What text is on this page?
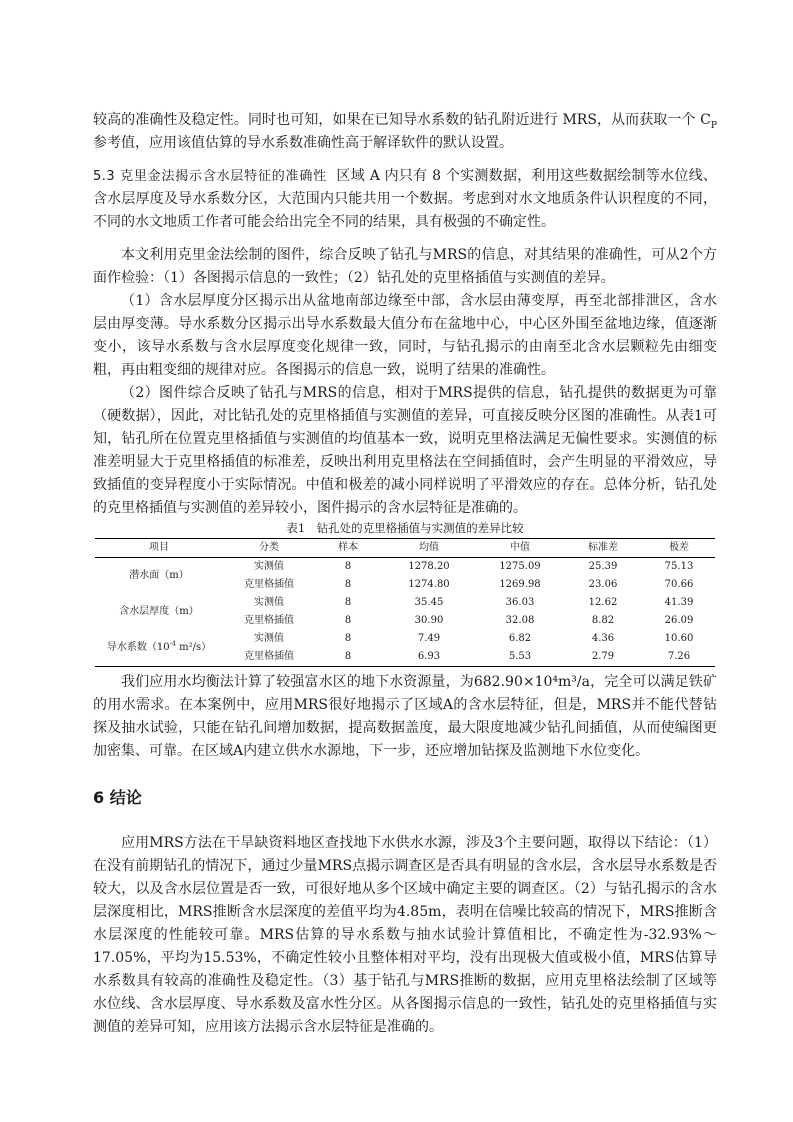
较高的准确性及稳定性。同时也可知，如果在已知导水系数的钻孔附近进行 MRS，从而获取一个 $C_P$参考值，应用该值估算的导水系数准确性高于解译软件的默认设置。

5.3 克里金法揭示含水层特征的准确性 区域 A 内只有 8 个实测数据，利用这些数据绘制等水位线、含水层厚度及导水系数分区，大范围内只能共用一个数据。考虑到对水文地质条件认识程度的不同，不同的水文地质工作者可能会给出完全不同的结果，具有极强的不确定性。

本文利用克里金法绘制的图件，综合反映了钻孔与MRS的信息，对其结果的准确性，可从2个方面作检验：（1）各图揭示信息的一致性；（2）钻孔处的克里格插值与实测值的差异。

（1）含水层厚度分区揭示出从盆地南部边缘至中部，含水层由薄变厚，再至北部排泄区，含水层由厚变薄。导水系数分区揭示出导水系数最大值分布在盆地中心，中心区外围至盆地边缘，值逐渐变小，该导水系数与含水层厚度变化规律一致，同时，与钻孔揭示的由南至北含水层颗粒先由细变粗，再由粗变细的规律对应。各图揭示的信息一致，说明了结果的准确性。

（2）图件综合反映了钻孔与MRS的信息，相对于MRS提供的信息，钻孔提供的数据更为可靠（硬数据），因此，对比钻孔处的克里格插值与实测值的差异，可直接反映分区图的准确性。从表1可知，钻孔所在位置克里格插值与实测值的均值基本一致，说明克里格法满足无偏性要求。实测值的标准差明显大于克里格插值的标准差，反映出利用克里格法在空间插值时，会产生明显的平滑效应，导致插值的变异程度小于实际情况。中值和极差的减小同样说明了平滑效应的存在。总体分析，钻孔处的克里格插值与实测值的差异较小，图件揭示的含水层特征是准确的。

表1　钻孔处的克里格插值与实测值的差异比较
项目	分类	样本	均值	中值	标准差	极差
潜水面（m）	实测值	8	1278.20	1275.09	25.39	75.13
	克里格插值	8	1274.80	1269.98	23.06	70.66
含水层厚度（m）	实测值	8	35.45	36.03	12.62	41.39
	克里格插值	8	30.90	32.08	8.82	26.09
导水系数（$10^{-4}$ m²/s）	实测值	8	7.49	6.82	4.36	10.60
	克里格插值	8	6.93	5.53	2.79	7.26

我们应用水均衡法计算了较强富水区的地下水资源量，为682.90×10⁴m³/a，完全可以满足铁矿的用水需求。在本案例中，应用MRS很好地揭示了区域A的含水层特征，但是，MRS并不能代替钻探及抽水试验，只能在钻孔间增加数据，提高数据盖度，最大限度地减少钻孔间插值，从而使编图更加密集、可靠。在区域A内建立供水水源地，下一步，还应增加钻探及监测地下水位变化。

6 结论

应用MRS方法在干旱缺资料地区查找地下水供水水源，涉及3个主要问题，取得以下结论：（1）在没有前期钻孔的情况下，通过少量MRS点揭示调查区是否具有明显的含水层，含水层导水系数是否较大，以及含水层位置是否一致，可很好地从多个区域中确定主要的调查区。（2）与钻孔揭示的含水层深度相比，MRS推断含水层深度的差值平均为4.85m，表明在信噪比较高的情况下，MRS推断含水层深度的性能较可靠。MRS估算的导水系数与抽水试验计算值相比，不确定性为-32.93%～17.05%，平均为15.53%，不确定性较小且整体相对平均，没有出现极大值或极小值，MRS估算导水系数具有较高的准确性及稳定性。（3）基于钻孔与MRS推断的数据，应用克里格法绘制了区域等水位线、含水层厚度、导水系数及富水性分区。从各图揭示信息的一致性，钻孔处的克里格插值与实测值的差异可知，应用该方法揭示含水层特征是准确的。
